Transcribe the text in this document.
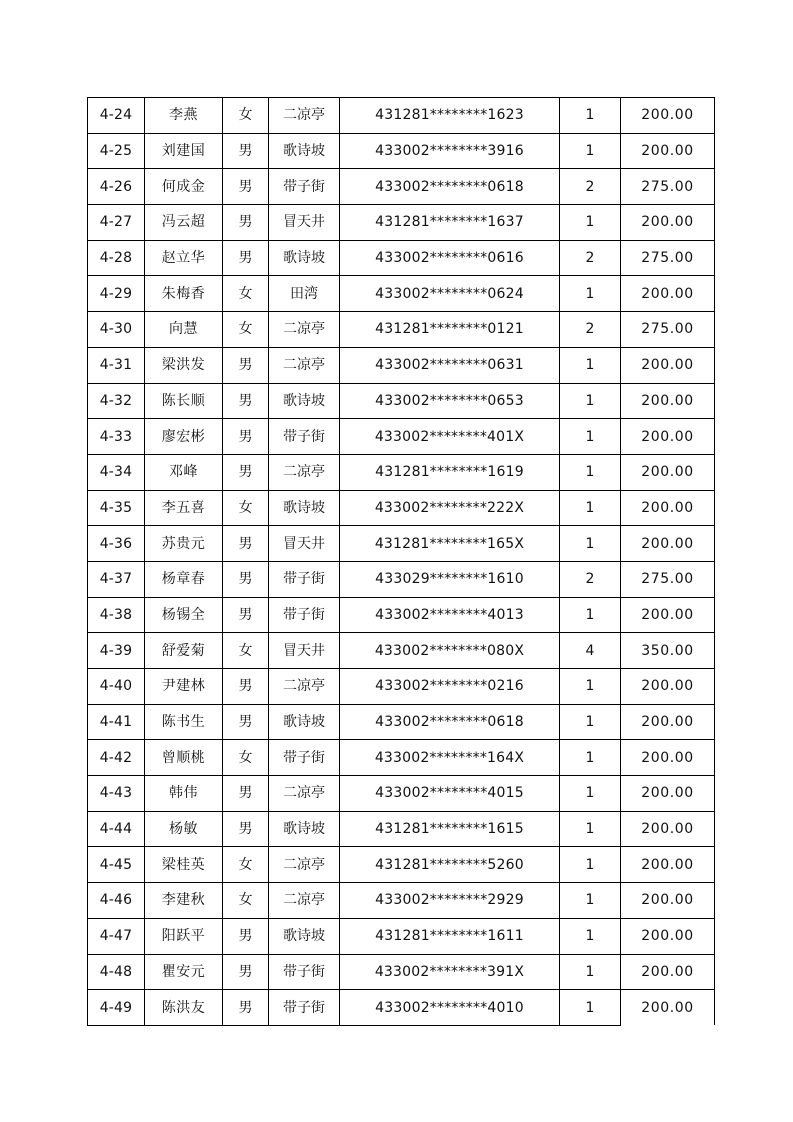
4-24	李燕	女	二凉亭	431281********1623	1	200.00
4-25	刘建国	男	歌诗坡	433002********3916	1	200.00
4-26	何成金	男	带子街	433002********0618	2	275.00
4-27	冯云超	男	冒天井	431281********1637	1	200.00
4-28	赵立华	男	歌诗坡	433002********0616	2	275.00
4-29	朱梅香	女	田湾	433002********0624	1	200.00
4-30	向慧	女	二凉亭	431281********0121	2	275.00
4-31	梁洪发	男	二凉亭	433002********0631	1	200.00
4-32	陈长顺	男	歌诗坡	433002********0653	1	200.00
4-33	廖宏彬	男	带子街	433002********401X	1	200.00
4-34	邓峰	男	二凉亭	431281********1619	1	200.00
4-35	李五喜	女	歌诗坡	433002********222X	1	200.00
4-36	苏贵元	男	冒天井	431281********165X	1	200.00
4-37	杨章春	男	带子街	433029********1610	2	275.00
4-38	杨锡全	男	带子街	433002********4013	1	200.00
4-39	舒爱菊	女	冒天井	433002********080X	4	350.00
4-40	尹建林	男	二凉亭	433002********0216	1	200.00
4-41	陈书生	男	歌诗坡	433002********0618	1	200.00
4-42	曾顺桃	女	带子街	433002********164X	1	200.00
4-43	韩伟	男	二凉亭	433002********4015	1	200.00
4-44	杨敏	男	歌诗坡	431281********1615	1	200.00
4-45	梁桂英	女	二凉亭	431281********5260	1	200.00
4-46	李建秋	女	二凉亭	433002********2929	1	200.00
4-47	阳跃平	男	歌诗坡	431281********1611	1	200.00
4-48	瞿安元	男	带子街	433002********391X	1	200.00
4-49	陈洪友	男	带子街	433002********4010	1	200.00
